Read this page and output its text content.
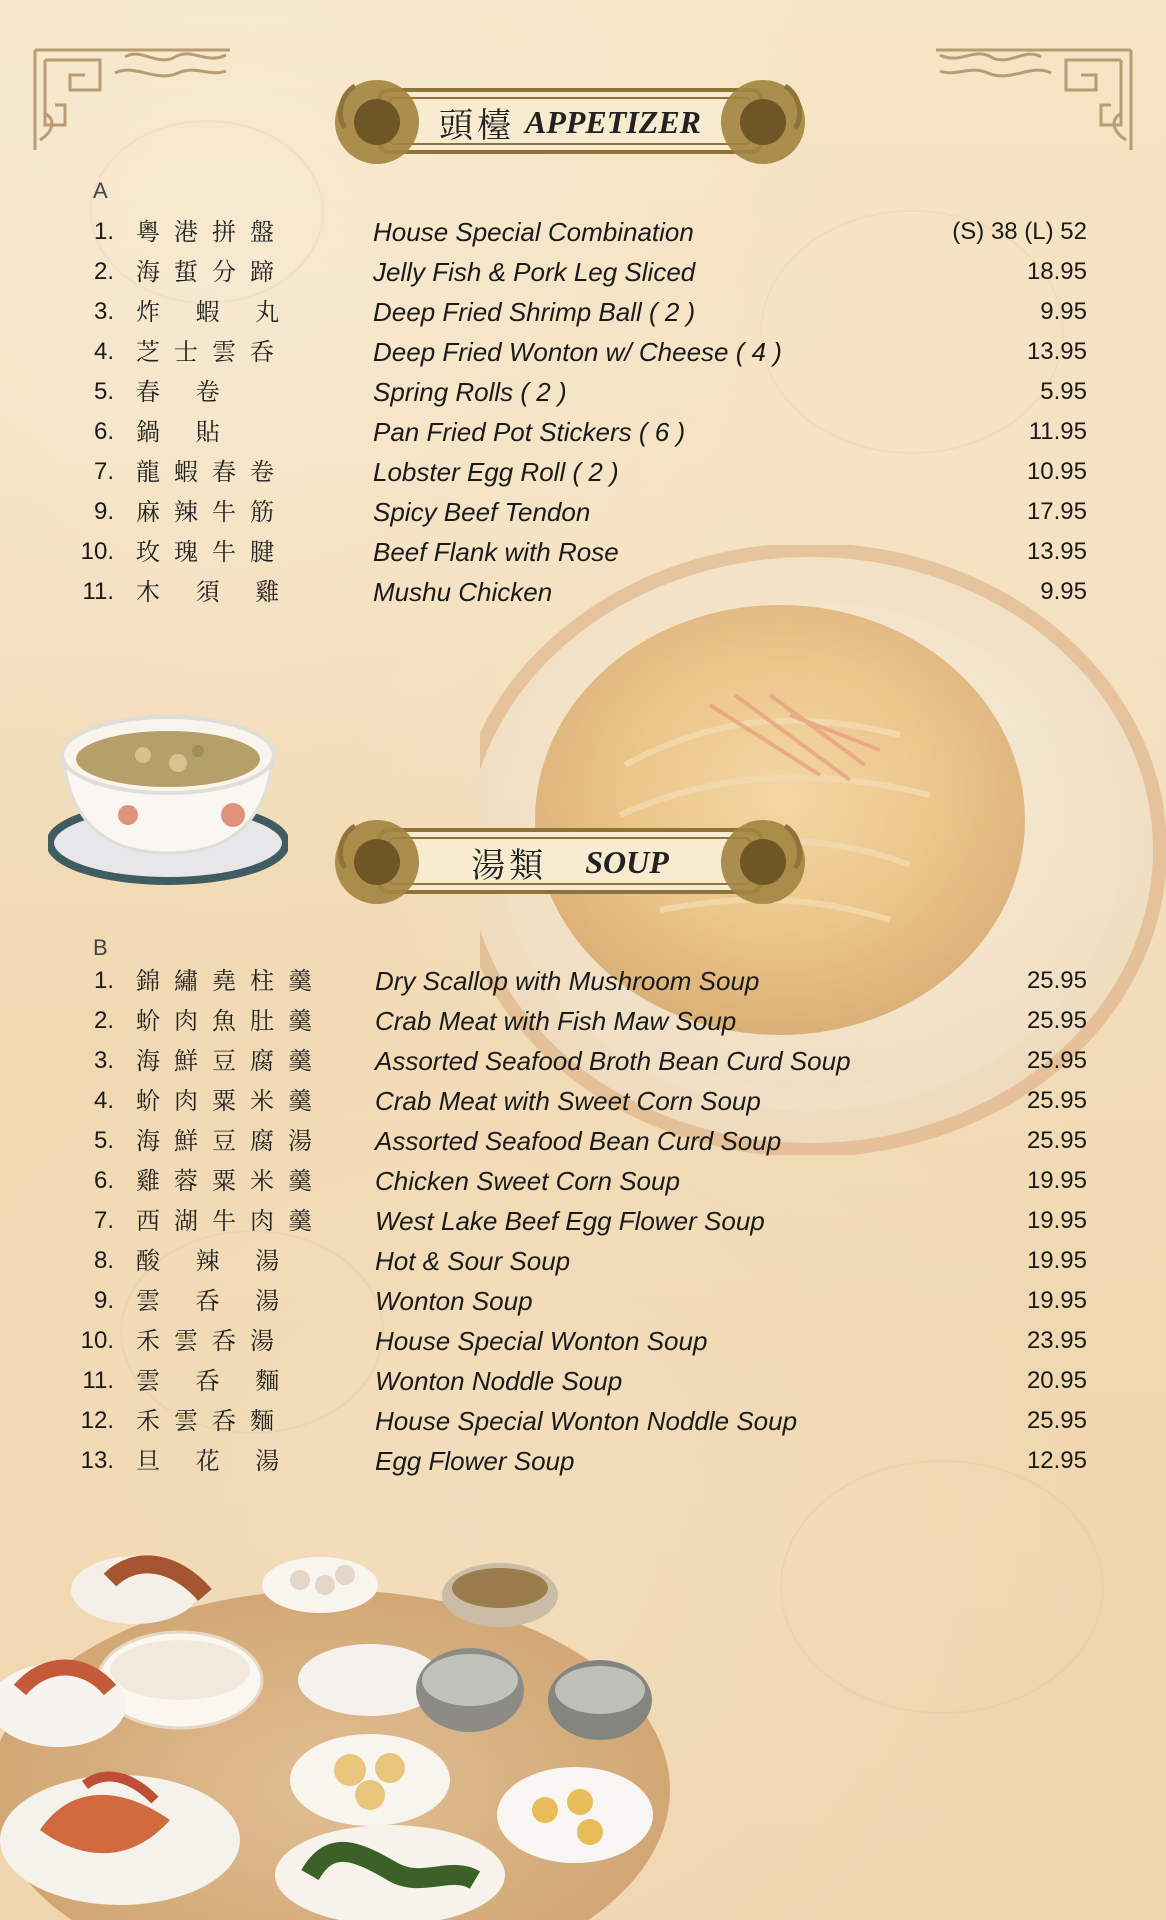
頭檯 APPETIZER
A
1. 粵港拼盤	House Special Combination	(S) 38 (L) 52
2. 海蜇分蹄	Jelly Fish & Pork Leg Sliced	18.95
3. 炸 蝦 丸	Deep Fried Shrimp Ball ( 2 )	9.95
4. 芝士雲呑	Deep Fried Wonton w/ Cheese ( 4 )	13.95
5. 春 卷	Spring Rolls ( 2 )	5.95
6. 鍋 貼	Pan Fried Pot Stickers ( 6 )	11.95
7. 龍蝦春卷	Lobster Egg Roll ( 2 )	10.95
9. 麻辣牛筋	Spicy Beef Tendon	17.95
10. 玫瑰牛腱	Beef Flank with Rose	13.95
11. 木 須 雞	Mushu Chicken	9.95
湯類 SOUP
B
1. 錦繡堯柱羹 Dry Scallop with Mushroom Soup	25.95
2. 蚧肉魚肚羹 Crab Meat with Fish Maw Soup	25.95
3. 海鮮豆腐羹 Assorted Seafood Broth Bean Curd Soup	25.95
4. 蚧肉粟米羹 Crab Meat with Sweet Corn Soup	25.95
5. 海鮮豆腐湯 Assorted Seafood Bean Curd Soup	25.95
6. 雞蓉粟米羹 Chicken Sweet Corn Soup	19.95
7. 西湖牛肉羹 West Lake Beef Egg Flower Soup	19.95
8. 酸 辣 湯	Hot & Sour Soup	19.95
9. 雲 呑 湯	Wonton Soup	19.95
10. 禾雲呑湯	House Special Wonton Soup	23.95
11. 雲 呑 麵	Wonton Noddle Soup	20.95
12. 禾雲呑麵	House Special Wonton Noddle Soup	25.95
13. 旦 花 湯	Egg Flower Soup	12.95
